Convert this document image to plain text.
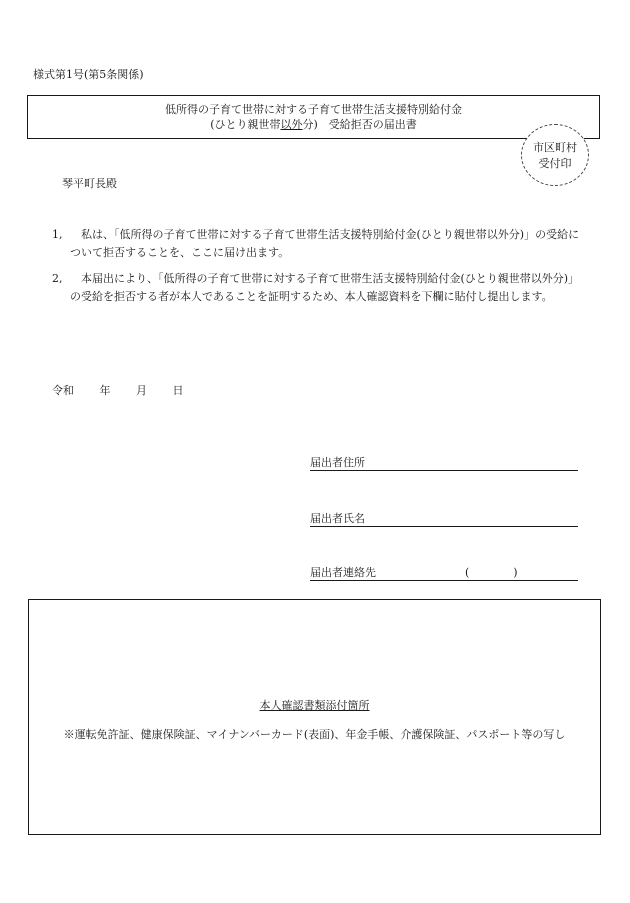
様式第1号(第5条関係)
低所得の子育て世帯に対する子育て世帯生活支援特別給付金
(ひとり親世帯以外分)　受給拒否の届出書
市区町村
受付印
琴平町長殿
1, 　私は、「低所得の子育て世帯に対する子育て世帯生活支援特別給付金(ひとり親世帯以外分)」の受給について拒否することを、ここに届け出ます。
2, 　本届出により、「低所得の子育て世帯に対する子育て世帯生活支援特別給付金(ひとり親世帯以外分)」の受給を拒否する者が本人であることを証明するため、本人確認資料を下欄に貼付し提出します。
令和 年 月 日
届出者住所
届出者氏名
届出者連絡先	(　　　　)
本人確認書類添付箇所
※運転免許証、健康保険証、マイナンバーカード(表面)、年金手帳、介護保険証、パスポート等の写し
